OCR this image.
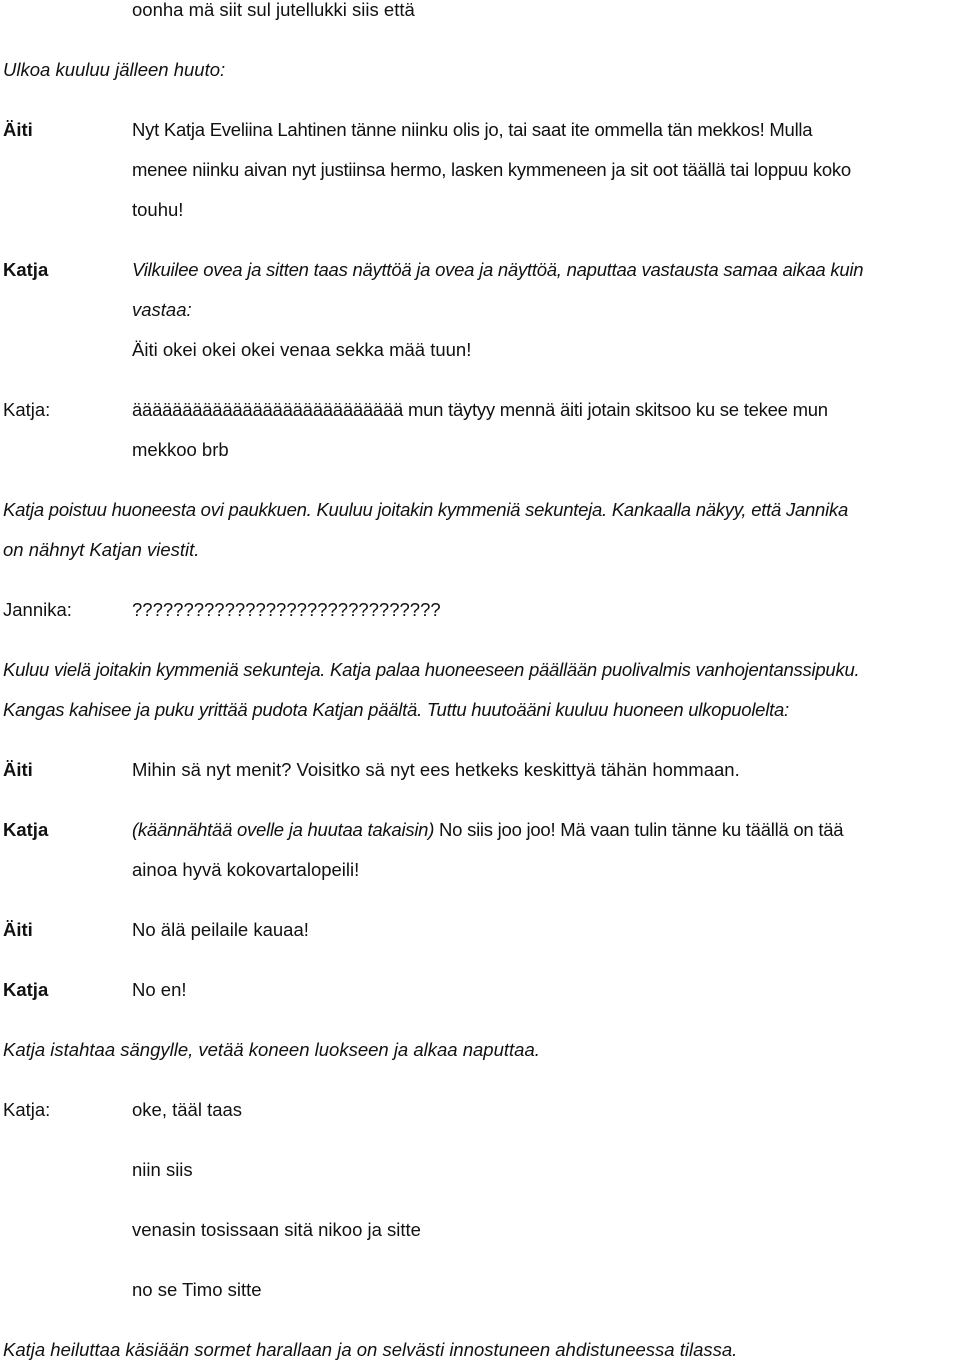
oonha mä siit sul jutellukki siis että
Ulkoa kuuluu jälleen huuto:
Äiti	Nyt Katja Eveliina Lahtinen tänne niinku olis jo, tai saat ite ommella tän mekkos! Mulla
menee niinku aivan nyt justiinsa hermo, lasken kymmeneen ja sit oot täällä tai loppuu koko
touhu!
Katja	Vilkuilee ovea ja sitten taas näyttöä ja ovea ja näyttöä, naputtaa vastausta samaa aikaa kuin
vastaa:
Äiti okei okei okei venaa sekka mää tuun!
Katja:	äääääääääääääääääääääääääää mun täytyy mennä äiti jotain skitsoo ku se tekee mun
mekkoo brb
Katja poistuu huoneesta ovi paukkuen. Kuuluu joitakin kymmeniä sekunteja. Kankaalla näkyy, että Jannika
on nähnyt Katjan viestit.
Jannika:	??????????????????????????????
Kuluu vielä joitakin kymmeniä sekunteja. Katja palaa huoneeseen päällään puolivalmis vanhojentanssipuku.
Kangas kahisee ja puku yrittää pudota Katjan päältä. Tuttu huutoääni kuuluu huoneen ulkopuolelta:
Äiti	Mihin sä nyt menit? Voisitko sä nyt ees hetkeks keskittyä tähän hommaan.
Katja	(käännähtää ovelle ja huutaa takaisin) No siis joo joo! Mä vaan tulin tänne ku täällä on tää
ainoa hyvä kokovartalopeili!
Äiti	No älä peilaile kauaa!
Katja	No en!
Katja istahtaa sängylle, vetää koneen luokseen ja alkaa naputtaa.
Katja:	oke, tääl taas
niin siis
venasin tosissaan sitä nikoo ja sitte
no se Timo sitte
Katja heiluttaa käsiään sormet harallaan ja on selvästi innostuneen ahdistuneessa tilassa.
